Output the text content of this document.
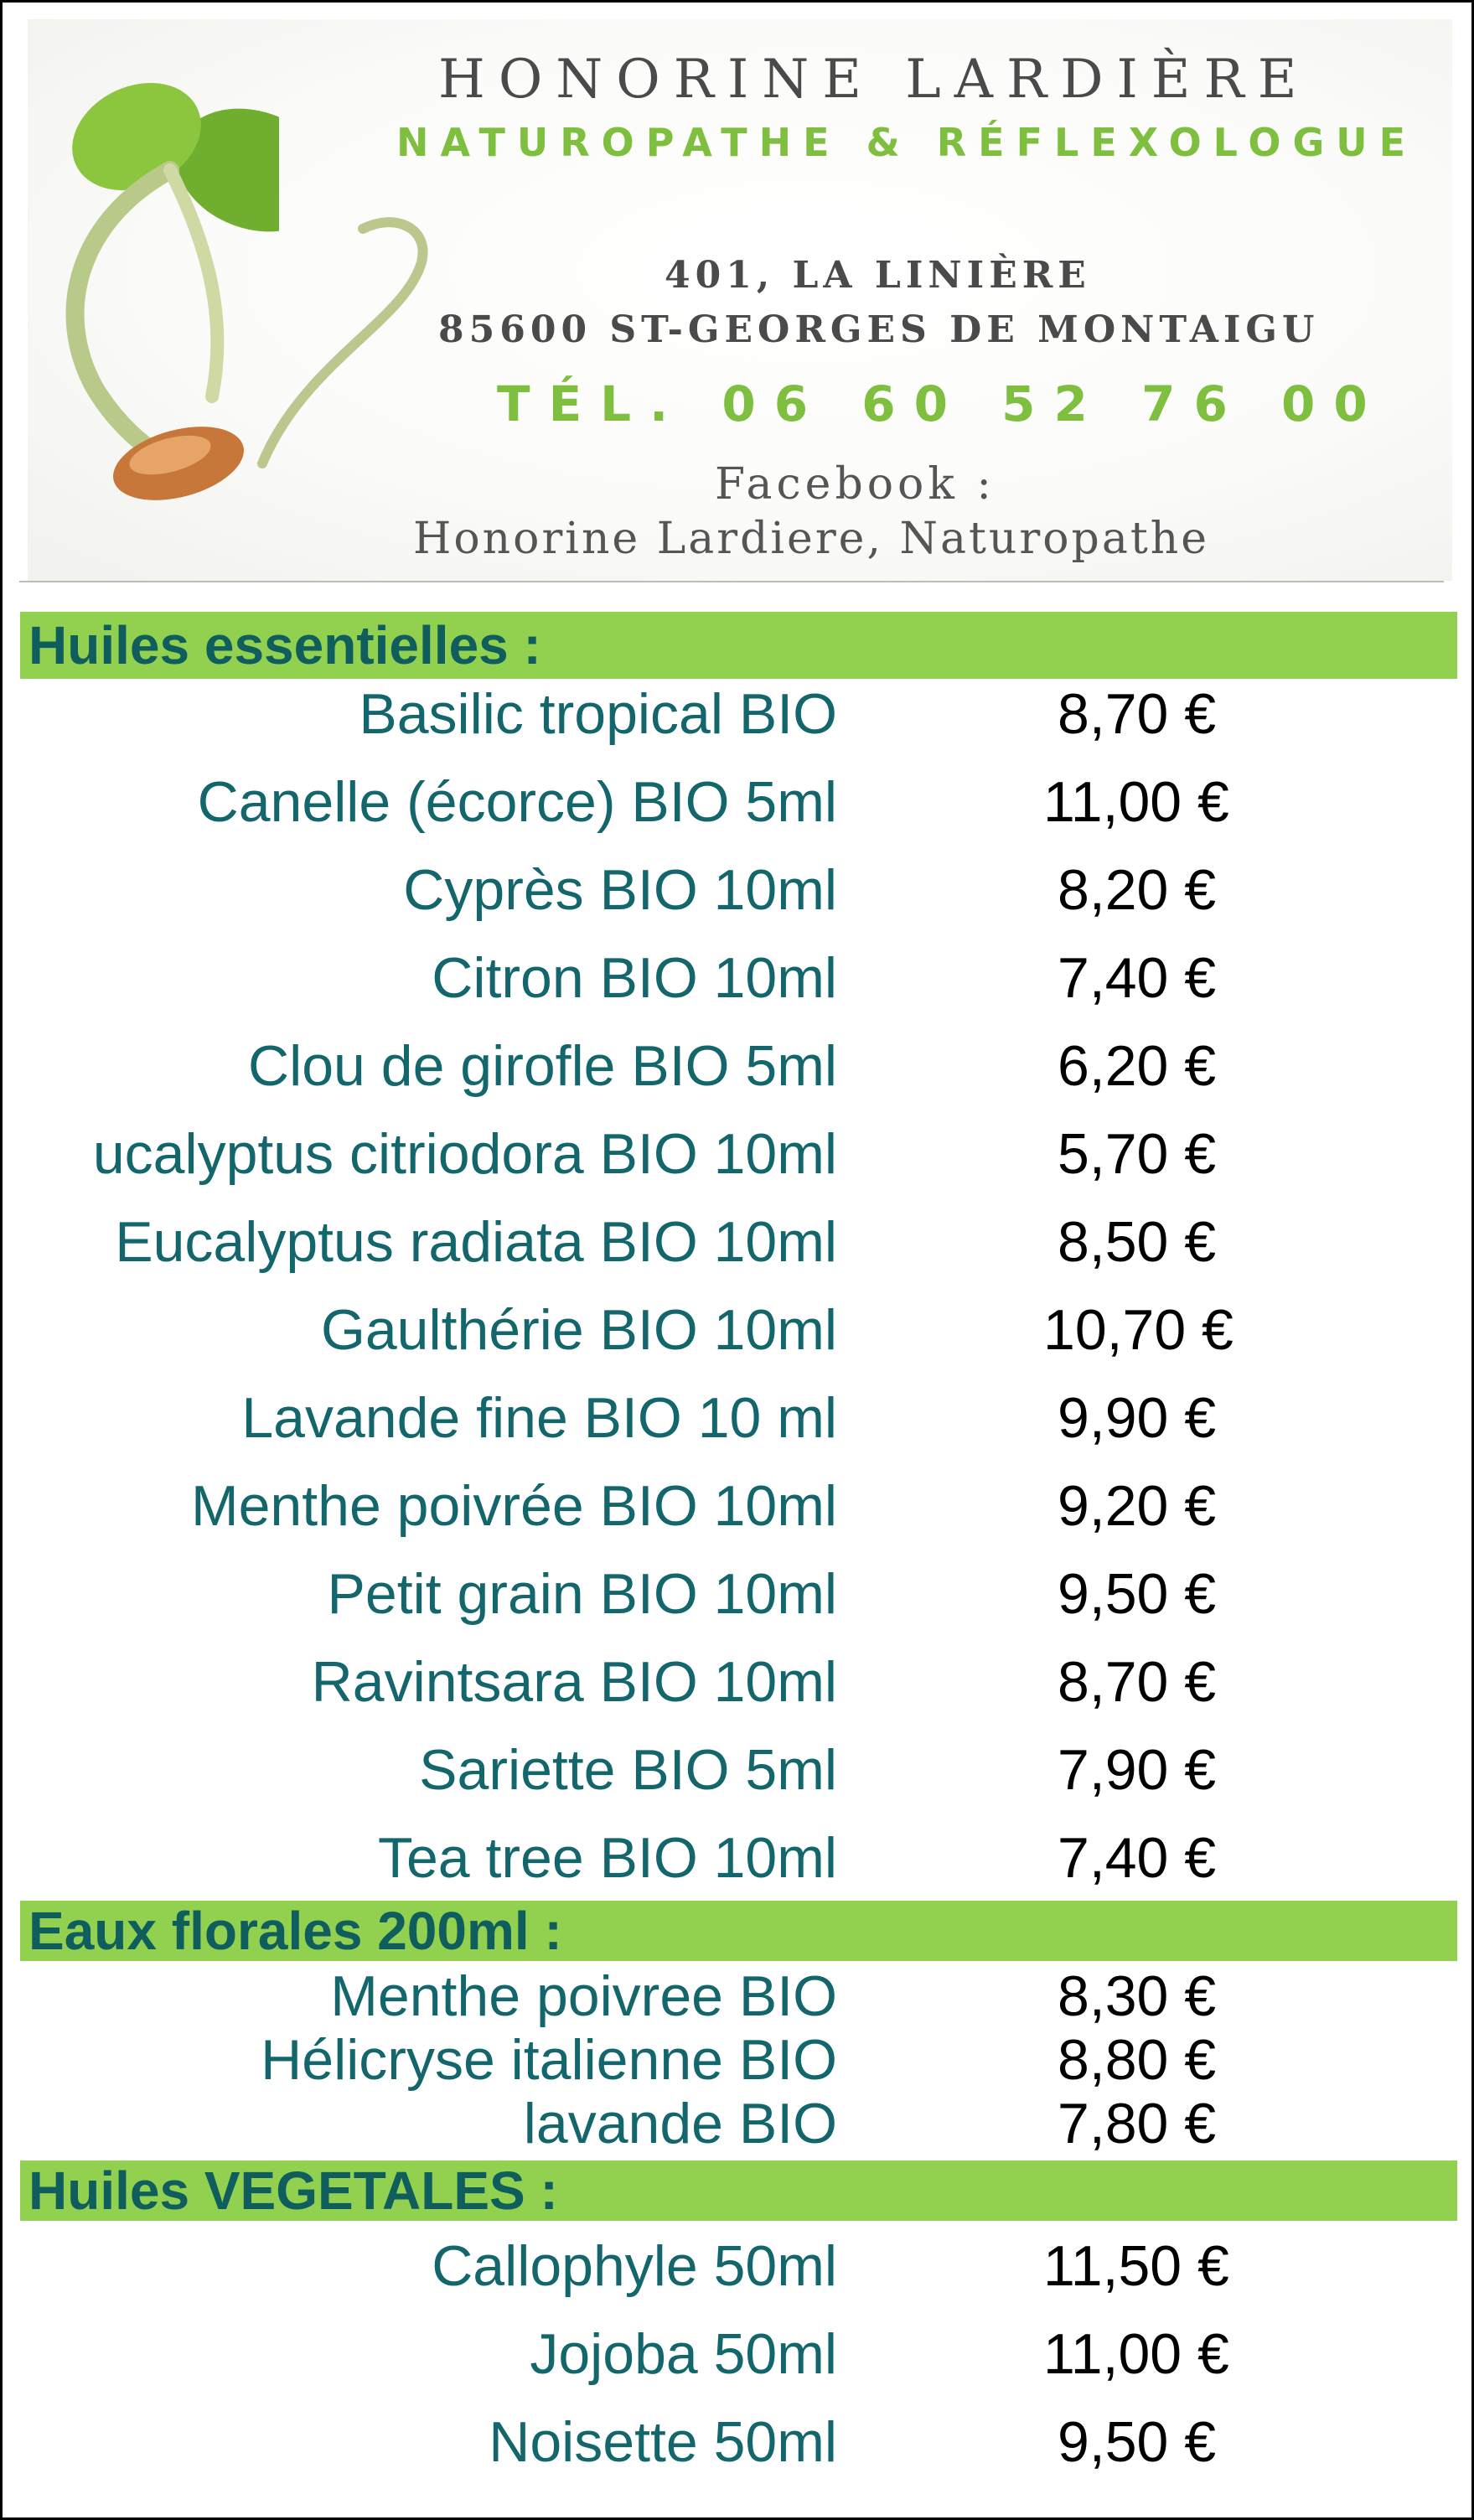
HONORINE LARDIÈRE
NATUROPATHE & RÉFLEXOLOGUE
401, LA LINIÈRE
85600 ST-GEORGES DE MONTAIGU
TÉL. 06 60 52 76 00
Facebook :
Honorine Lardiere, Naturopathe
Huiles essentielles :
Basilic tropical BIO	8,70 €
Canelle (écorce) BIO 5ml	11,00 €
Cyprès BIO 10ml	8,20 €
Citron BIO 10ml	7,40 €
Clou de girofle BIO 5ml	6,20 €
ucalyptus citriodora BIO 10ml	5,70 €
Eucalyptus radiata BIO 10ml	8,50 €
Gaulthérie BIO 10ml	10,70 €
Lavande fine BIO 10 ml	9,90 €
Menthe poivrée BIO 10ml	9,20 €
Petit grain BIO 10ml	9,50 €
Ravintsara BIO 10ml	8,70 €
Sariette BIO 5ml	7,90 €
Tea tree BIO 10ml	7,40 €
Eaux florales 200ml :
Menthe poivree BIO	8,30 €
Hélicryse italienne BIO	8,80 €
lavande BIO	7,80 €
Huiles VEGETALES :
Callophyle 50ml	11,50 €
Jojoba 50ml	11,00 €
Noisette 50ml	9,50 €
